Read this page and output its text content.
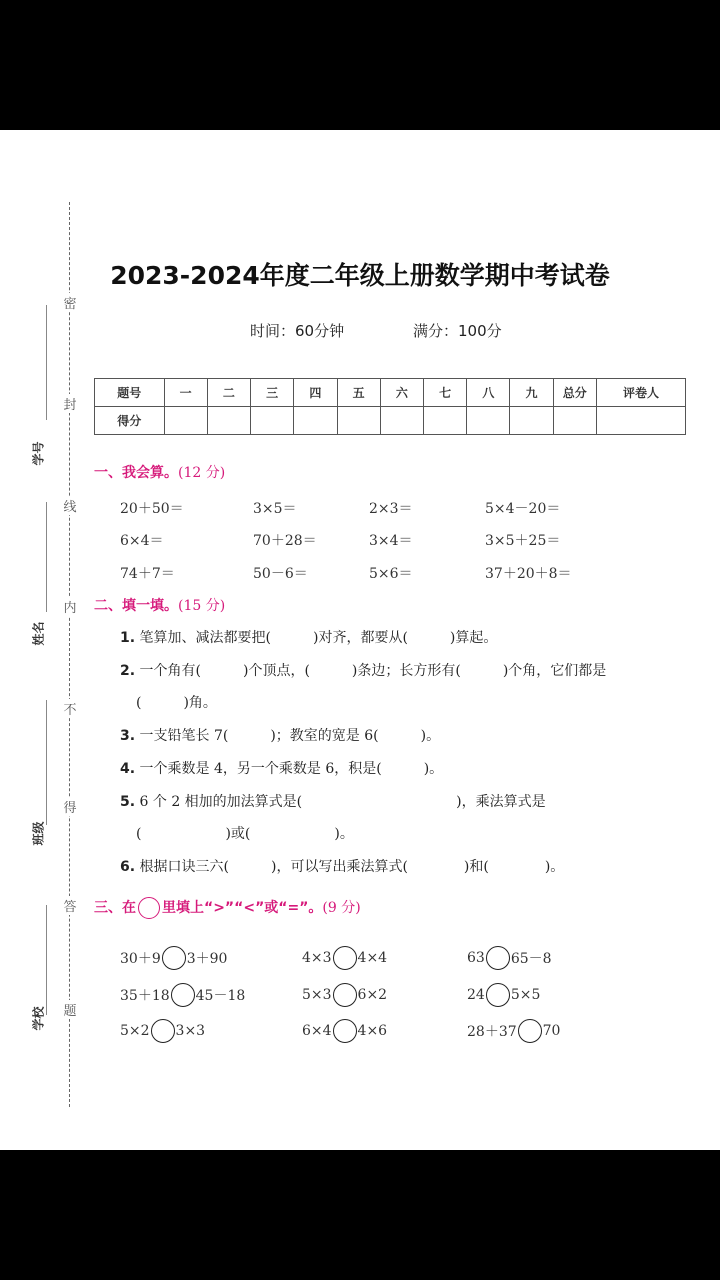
密
封
线
内
不
得
答
题
学号
姓名
班级
学校
2023-2024年度二年级上册数学期中考试卷
时间：60分钟	满分：100分
题号	一	二	三	四	五	六	七	八	九	总分	评卷人
得分											
一、我会算。(12 分)
20＋50＝	3×5＝	2×3＝	5×4－20＝
6×4＝	70＋28＝	3×4＝	3×5＋25＝
74＋7＝	50－6＝	5×6＝	37＋20＋8＝
二、填一填。(15 分)
1. 笔算加、减法都要把(　　　)对齐，都要从(　　　)算起。
2. 一个角有(　　　)个顶点，(　　　)条边；长方形有(　　　)个角，它们都是
(　　　)角。
3. 一支铅笔长 7(　　　)；教室的宽是 6(　　　)。
4. 一个乘数是 4，另一个乘数是 6，积是(　　　)。
5. 6 个 2 相加的加法算式是(　　　　　　　　　　　)，乘法算式是
(　　　　　　)或(　　　　　　)。
6. 根据口诀三六(　　　)，可以写出乘法算式(　　　　)和(　　　　)。
三、在 里填上“>”“<”或“=”。(9 分)
30＋9 3＋90	4×3 4×4	63 65－8
35＋18 45－18	5×3 6×2	24 5×5
5×2 3×3	6×4 4×6	28＋37 70
